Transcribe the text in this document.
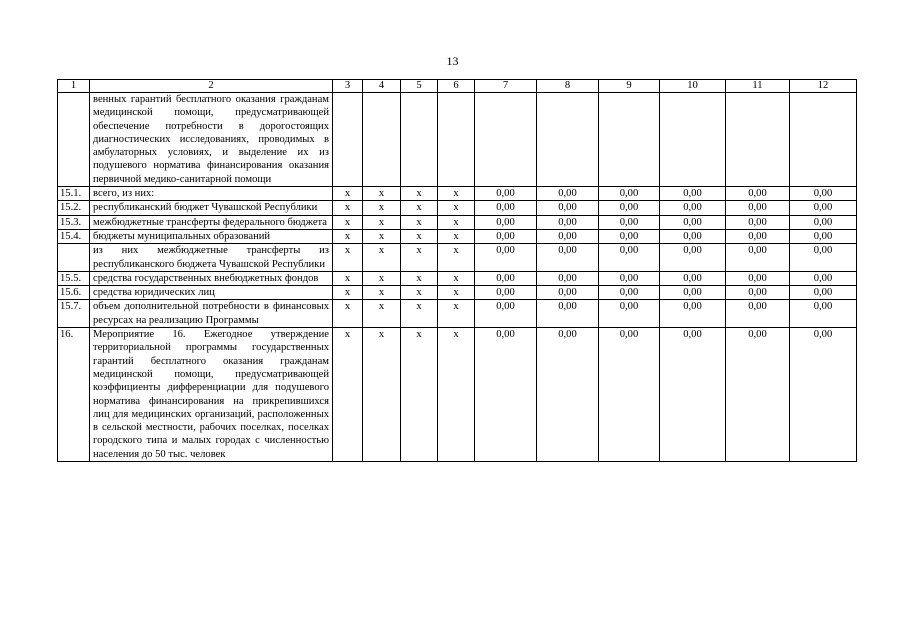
13
1	2	3	4	5	6	7	8	9	10	11	12
	венных гарантий бесплатного оказания гражданам медицинской помощи, предусматривающей обеспечение потребности в дорогостоящих диагностических исследованиях, проводимых в амбулаторных условиях, и выделение их из подушевого норматива финансирования оказания первичной медико-санитарной помощи										
15.1.	всего, из них:	х	х	х	х	0,00	0,00	0,00	0,00	0,00	0,00
15.2.	республиканский бюджет Чувашской Республики	х	х	х	х	0,00	0,00	0,00	0,00	0,00	0,00
15.3.	межбюджетные трансферты федерального бюджета	х	х	х	х	0,00	0,00	0,00	0,00	0,00	0,00
15.4.	бюджеты муниципальных образований	х	х	х	х	0,00	0,00	0,00	0,00	0,00	0,00
	из них межбюджетные трансферты из республиканского бюджета Чувашской Республики	х	х	х	х	0,00	0,00	0,00	0,00	0,00	0,00
15.5.	средства государственных внебюджетных фондов	х	х	х	х	0,00	0,00	0,00	0,00	0,00	0,00
15.6.	средства юридических лиц	х	х	х	х	0,00	0,00	0,00	0,00	0,00	0,00
15.7.	объем дополнительной потребности в финансовых ресурсах на реализацию Программы	х	х	х	х	0,00	0,00	0,00	0,00	0,00	0,00
16.	Мероприятие 16. Ежегодное утверждение территориальной программы государственных гарантий бесплатного оказания гражданам медицинской помощи, предусматривающей коэффициенты дифференциации для подушевого норматива финансирования на прикрепившихся лиц для медицинских организаций, расположенных в сельской местности, рабочих поселках, поселках городского типа и малых городах с численностью населения до 50 тыс. человек	х	х	х	х	0,00	0,00	0,00	0,00	0,00	0,00
